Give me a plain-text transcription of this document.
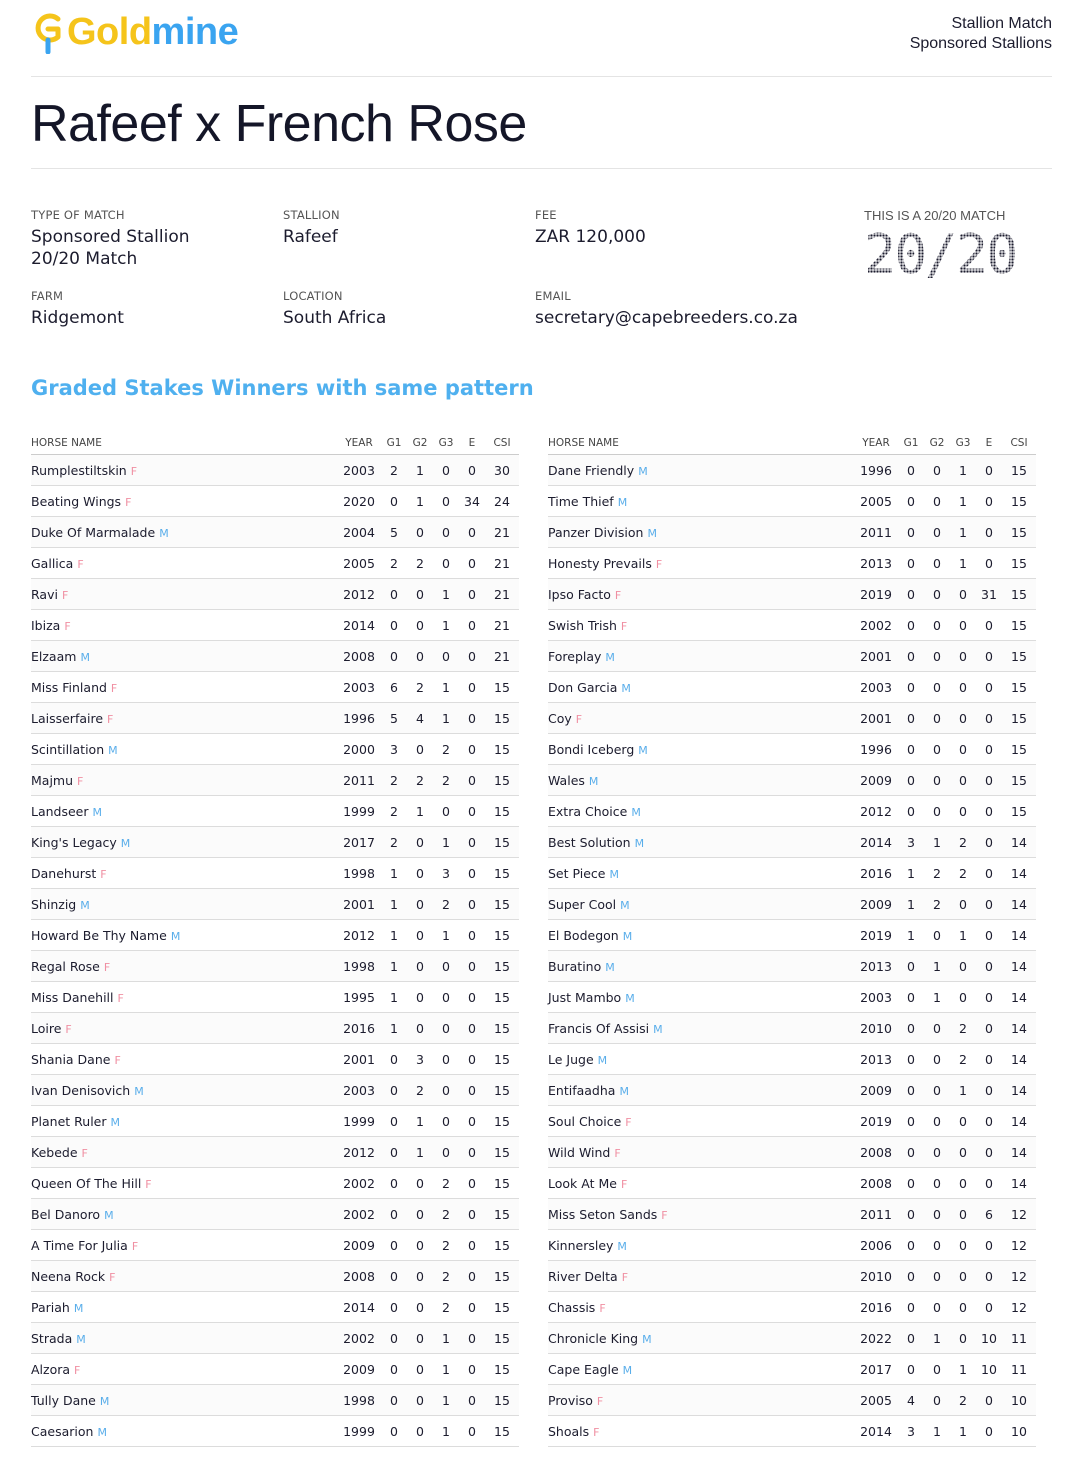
Goldmine	Stallion Match
Sponsored Stallions
Rafeef x French Rose
TYPE OF MATCH
Sponsored Stallion
20/20 Match
STALLION
Rafeef
FEE
ZAR 120,000
FARM
Ridgemont
LOCATION
South Africa
EMAIL
secretary@capebreeders.co.za
THIS IS A 20/20 MATCH
20/20
Graded Stakes Winners with same pattern
HORSE NAME	YEAR	G1	G2	G3	E	CSI
Rumplestiltskin F	2003	2	1	0	0	30
Beating Wings F	2020	0	1	0	34	24
Duke Of Marmalade M	2004	5	0	0	0	21
Gallica F	2005	2	2	0	0	21
Ravi F	2012	0	0	1	0	21
Ibiza F	2014	0	0	1	0	21
Elzaam M	2008	0	0	0	0	21
Miss Finland F	2003	6	2	1	0	15
Laisserfaire F	1996	5	4	1	0	15
Scintillation M	2000	3	0	2	0	15
Majmu F	2011	2	2	2	0	15
Landseer M	1999	2	1	0	0	15
King's Legacy M	2017	2	0	1	0	15
Danehurst F	1998	1	0	3	0	15
Shinzig M	2001	1	0	2	0	15
Howard Be Thy Name M	2012	1	0	1	0	15
Regal Rose F	1998	1	0	0	0	15
Miss Danehill F	1995	1	0	0	0	15
Loire F	2016	1	0	0	0	15
Shania Dane F	2001	0	3	0	0	15
Ivan Denisovich M	2003	0	2	0	0	15
Planet Ruler M	1999	0	1	0	0	15
Kebede F	2012	0	1	0	0	15
Queen Of The Hill F	2002	0	0	2	0	15
Bel Danoro M	2002	0	0	2	0	15
A Time For Julia F	2009	0	0	2	0	15
Neena Rock F	2008	0	0	2	0	15
Pariah M	2014	0	0	2	0	15
Strada M	2002	0	0	1	0	15
Alzora F	2009	0	0	1	0	15
Tully Dane M	1998	0	0	1	0	15
Caesarion M	1999	0	0	1	0	15
HORSE NAME	YEAR	G1	G2	G3	E	CSI
Dane Friendly M	1996	0	0	1	0	15
Time Thief M	2005	0	0	1	0	15
Panzer Division M	2011	0	0	1	0	15
Honesty Prevails F	2013	0	0	1	0	15
Ipso Facto F	2019	0	0	0	31	15
Swish Trish F	2002	0	0	0	0	15
Foreplay M	2001	0	0	0	0	15
Don Garcia M	2003	0	0	0	0	15
Coy F	2001	0	0	0	0	15
Bondi Iceberg M	1996	0	0	0	0	15
Wales M	2009	0	0	0	0	15
Extra Choice M	2012	0	0	0	0	15
Best Solution M	2014	3	1	2	0	14
Set Piece M	2016	1	2	2	0	14
Super Cool M	2009	1	2	0	0	14
El Bodegon M	2019	1	0	1	0	14
Buratino M	2013	0	1	0	0	14
Just Mambo M	2003	0	1	0	0	14
Francis Of Assisi M	2010	0	0	2	0	14
Le Juge M	2013	0	0	2	0	14
Entifaadha M	2009	0	0	1	0	14
Soul Choice F	2019	0	0	0	0	14
Wild Wind F	2008	0	0	0	0	14
Look At Me F	2008	0	0	0	0	14
Miss Seton Sands F	2011	0	0	0	6	12
Kinnersley M	2006	0	0	0	0	12
River Delta F	2010	0	0	0	0	12
Chassis F	2016	0	0	0	0	12
Chronicle King M	2022	0	1	0	10	11
Cape Eagle M	2017	0	0	1	10	11
Proviso F	2005	4	0	2	0	10
Shoals F	2014	3	1	1	0	10
